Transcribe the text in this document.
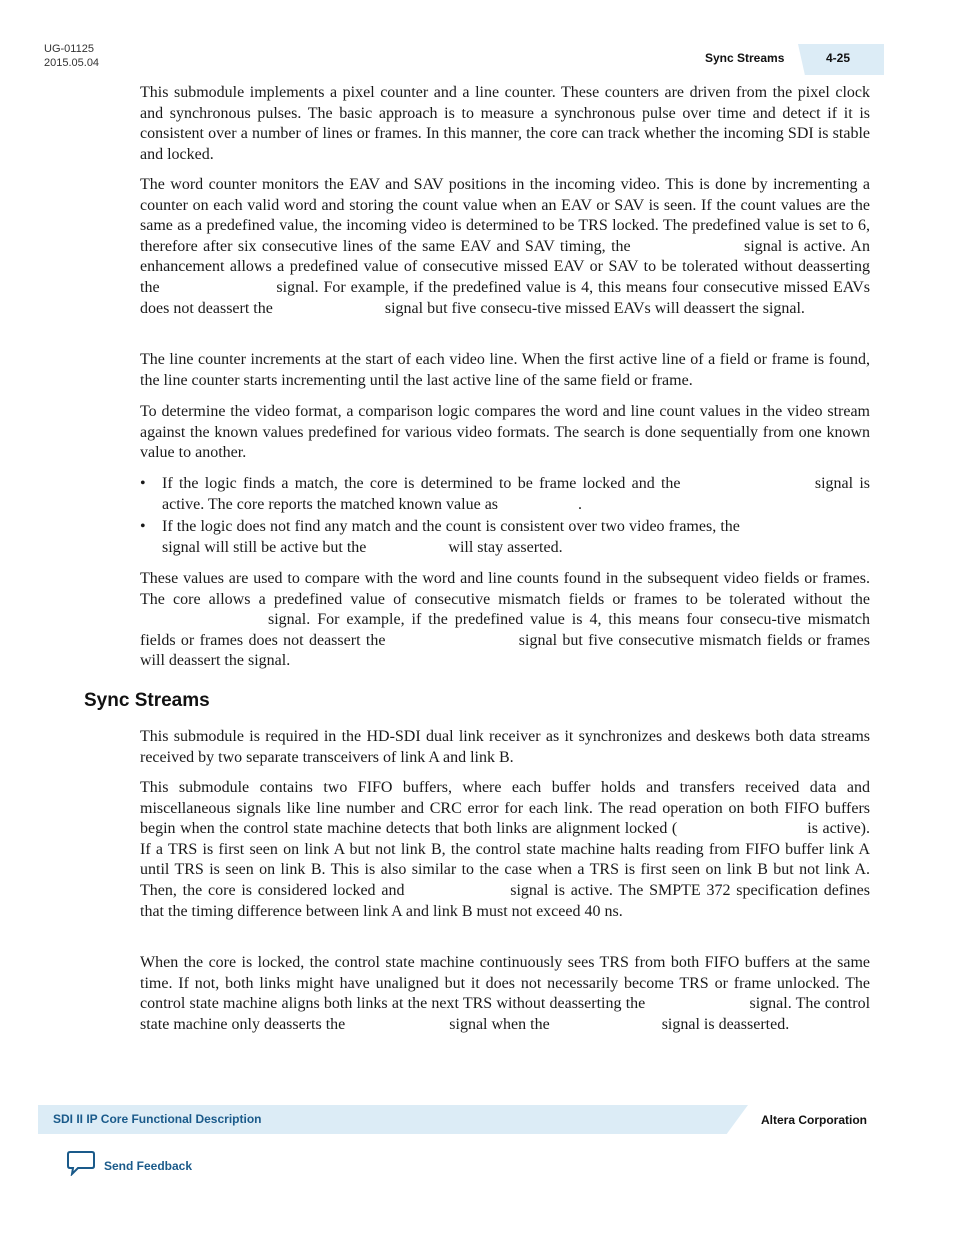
UG-01125
2015.05.04	Sync Streams	4-25

This submodule implements a pixel counter and a line counter. These counters are driven from the pixel clock and synchronous pulses. The basic approach is to measure a synchronous pulse over time and detect if it is consistent over a number of lines or frames. In this manner, the core can track whether the incoming SDI is stable and locked.

The word counter monitors the EAV and SAV positions in the incoming video. This is done by incrementing a counter on each valid word and storing the count value when an EAV or SAV is seen. If the count values are the same as a predefined value, the incoming video is determined to be TRS locked. The predefined value is set to 6, therefore after six consecutive lines of the same EAV and SAV timing, the	signal is active. An enhancement allows a predefined value of consecutive missed EAV or SAV to be tolerated without deasserting the	signal. For example, if the predefined value is 4, this means four consecutive missed EAVs does not deassert the	signal but five consecu-tive missed EAVs will deassert the signal.

The line counter increments at the start of each video line. When the first active line of a field or frame is found, the line counter starts incrementing until the last active line of the same field or frame.

To determine the video format, a comparison logic compares the word and line count values in the video stream against the known values predefined for various video formats. The search is done sequentially from one known value to another.

• If the logic finds a match, the core is determined to be frame locked and the	signal is active. The core reports the matched known value as	.

• If the logic does not find any match and the count is consistent over two video frames, the signal will still be active but the	will stay asserted.

These values are used to compare with the word and line counts found in the subsequent video fields or frames. The core allows a predefined value of consecutive mismatch fields or frames to be tolerated without the signal. For example, if the predefined value is 4, this means four consecu-tive mismatch fields or frames does not deassert the	signal but five consecutive mismatch fields or frames will deassert the signal.

Sync Streams

This submodule is required in the HD-SDI dual link receiver as it synchronizes and deskews both data streams received by two separate transceivers of link A and link B.

This submodule contains two FIFO buffers, where each buffer holds and transfers received data and miscellaneous signals like line number and CRC error for each link. The read operation on both FIFO buffers begin when the control state machine detects that both links are alignment locked (	is active). If a TRS is first seen on link A but not link B, the control state machine halts reading from FIFO buffer link A until TRS is seen on link B. This is also similar to the case when a TRS is first seen on link B but not link A. Then, the core is considered locked and	signal is active. The SMPTE 372 specification defines that the timing difference between link A and link B must not exceed 40 ns.

When the core is locked, the control state machine continuously sees TRS from both FIFO buffers at the same time. If not, both links might have unaligned but it does not necessarily become TRS or frame unlocked. The control state machine aligns both links at the next TRS without deasserting the	signal. The control state machine only deasserts the	signal when the	signal is deasserted.

SDI II IP Core Functional Description	Altera Corporation
Send Feedback
